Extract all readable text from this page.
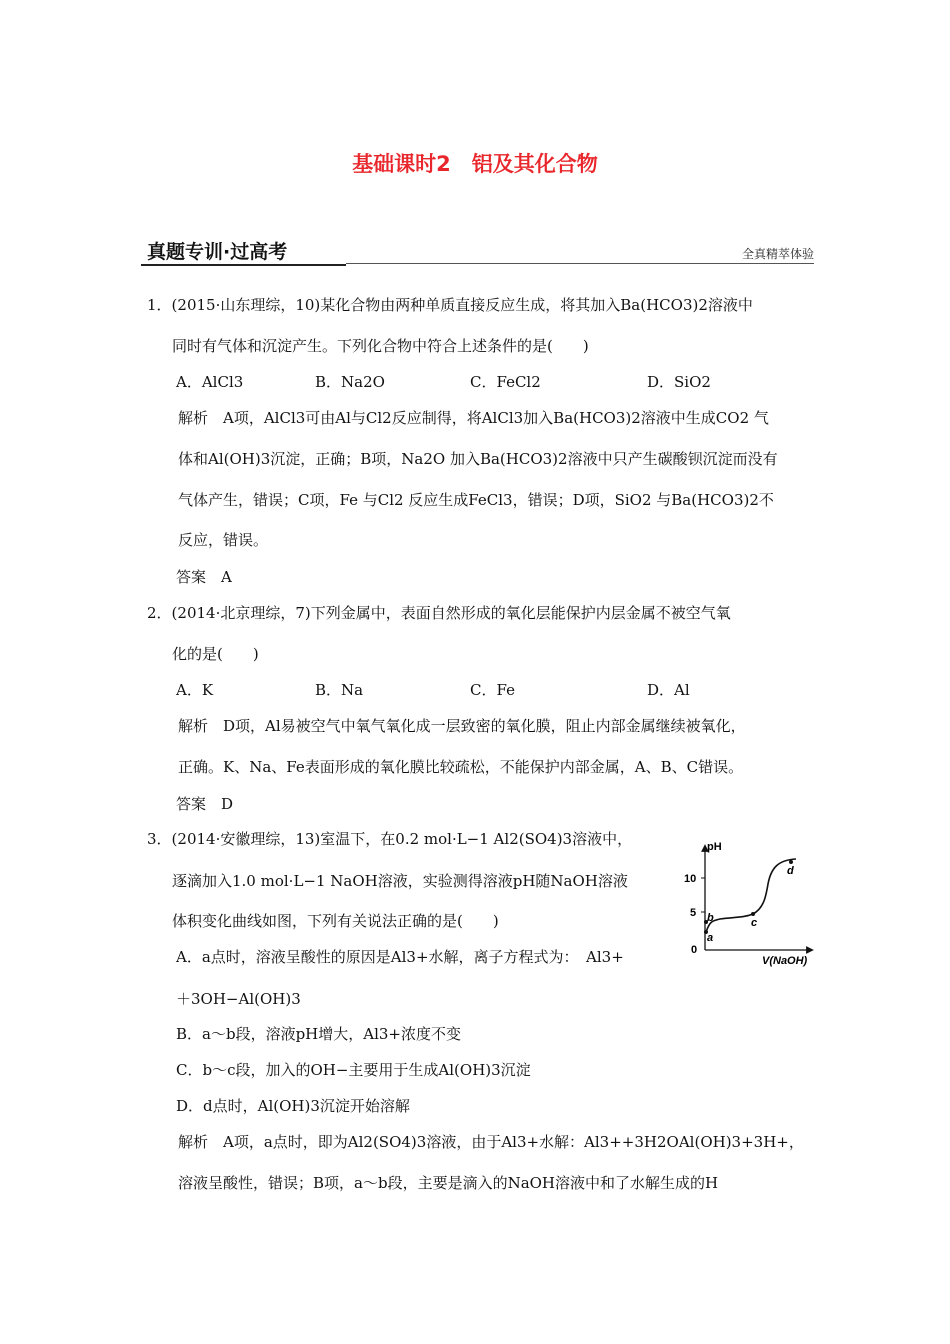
基础课时2　铝及其化合物
真题专训·过高考	全真精萃体验
1．(2015·山东理综，10)某化合物由两种单质直接反应生成，将其加入Ba(HCO3)2溶液中
同时有气体和沉淀产生。下列化合物中符合上述条件的是(　　)
A．AlCl3	B．Na2O	C．FeCl2	D．SiO2
解析　A项，AlCl3可由Al与Cl2反应制得，将AlCl3加入Ba(HCO3)2溶液中生成CO2 气
体和Al(OH)3沉淀，正确；B项，Na2O 加入Ba(HCO3)2溶液中只产生碳酸钡沉淀而没有
气体产生，错误；C项，Fe 与Cl2 反应生成FeCl3，错误；D项，SiO2 与Ba(HCO3)2不
反应，错误。
答案　A
2．(2014·北京理综，7)下列金属中，表面自然形成的氧化层能保护内层金属不被空气氧
化的是(　　)
A．K	B．Na	C．Fe	D．Al
解析　D项，Al易被空气中氧气氧化成一层致密的氧化膜，阻止内部金属继续被氧化，
正确。K、Na、Fe表面形成的氧化膜比较疏松，不能保护内部金属，A、B、C错误。
答案　D
3．(2014·安徽理综，13)室温下，在0.2 mol·L−1 Al2(SO4)3溶液中，
逐滴加入1.0 mol·L−1 NaOH溶液，实验测得溶液pH随NaOH溶液
体积变化曲线如图，下列有关说法正确的是(　　)
A．a点时，溶液呈酸性的原因是Al3+水解，离子方程式为：　Al3+
＋3OH−Al(OH)3
B．a～b段，溶液pH增大，Al3+浓度不变
C．b～c段，加入的OH−主要用于生成Al(OH)3沉淀
D．d点时，Al(OH)3沉淀开始溶解
解析　A项，a点时，即为Al2(SO4)3溶液，由于Al3+水解：Al3++3H2OAl(OH)3+3H+，
溶液呈酸性，错误；B项，a～b段，主要是滴入的NaOH溶液中和了水解生成的H
pH
V(NaOH)
10
5
0
a
b	c
d
